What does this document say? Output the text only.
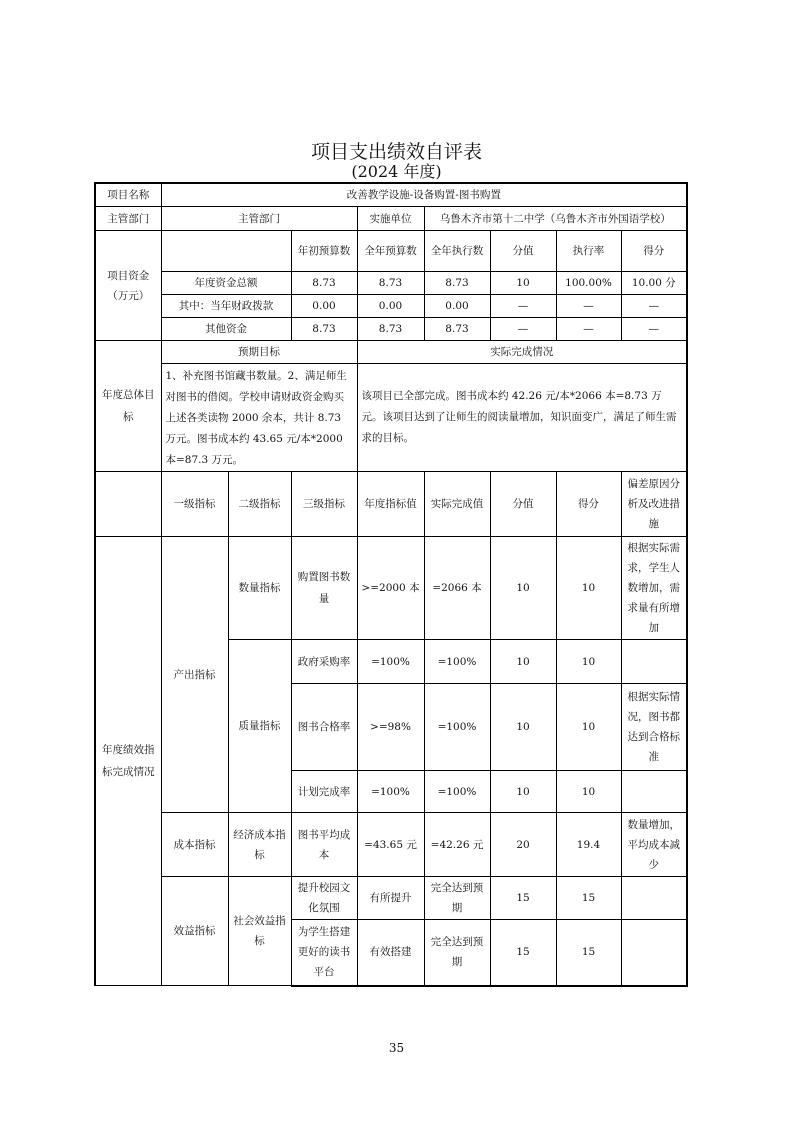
项目支出绩效自评表
(2024 年度)
项目名称	改善教学设施-设备购置-图书购置							
主管部门	主管部门			实施单位	乌鲁木齐市第十二中学（乌鲁木齐市外国语学校）			
项目资金（万元）			年初预算数	全年预算数	全年执行数	分值	执行率	得分
	年度资金总额		8.73	8.73	8.73	10	100.00%	10.00 分
	其中：当年财政拨款		0.00	0.00	0.00	—	—	—
	其他资金		8.73	8.73	8.73	—	—	—
年度总体目标	预期目标			实际完成情况				
	1、补充图书馆藏书数量。2、满足师生对图书的借阅。学校申请财政资金购买上述各类读物 2000 余本，共计 8.73 万元。图书成本约 43.65 元/本*2000 本=87.3 万元。			该项目已全部完成。图书成本约 42.26 元/本*2066 本=8.73 万元。该项目达到了让师生的阅读量增加，知识面变广，满足了师生需求的目标。				
	一级指标	二级指标	三级指标	年度指标值	实际完成值	分值	得分	偏差原因分析及改进措施
年度绩效指标完成情况	产出指标	数量指标	购置图书数量	>=2000 本	=2066 本	10	10	根据实际需求，学生人数增加，需求量有所增加
		质量指标	政府采购率	=100%	=100%	10	10	
			图书合格率	>=98%	=100%	10	10	根据实际情况，图书都达到合格标准
			计划完成率	=100%	=100%	10	10	
	成本指标	经济成本指标	图书平均成本	=43.65 元	=42.26 元	20	19.4	数量增加，平均成本减少
	效益指标	社会效益指标	提升校园文化氛围	有所提升	完全达到预期	15	15	
			为学生搭建更好的读书平台	有效搭建	完全达到预期	15	15	
35
